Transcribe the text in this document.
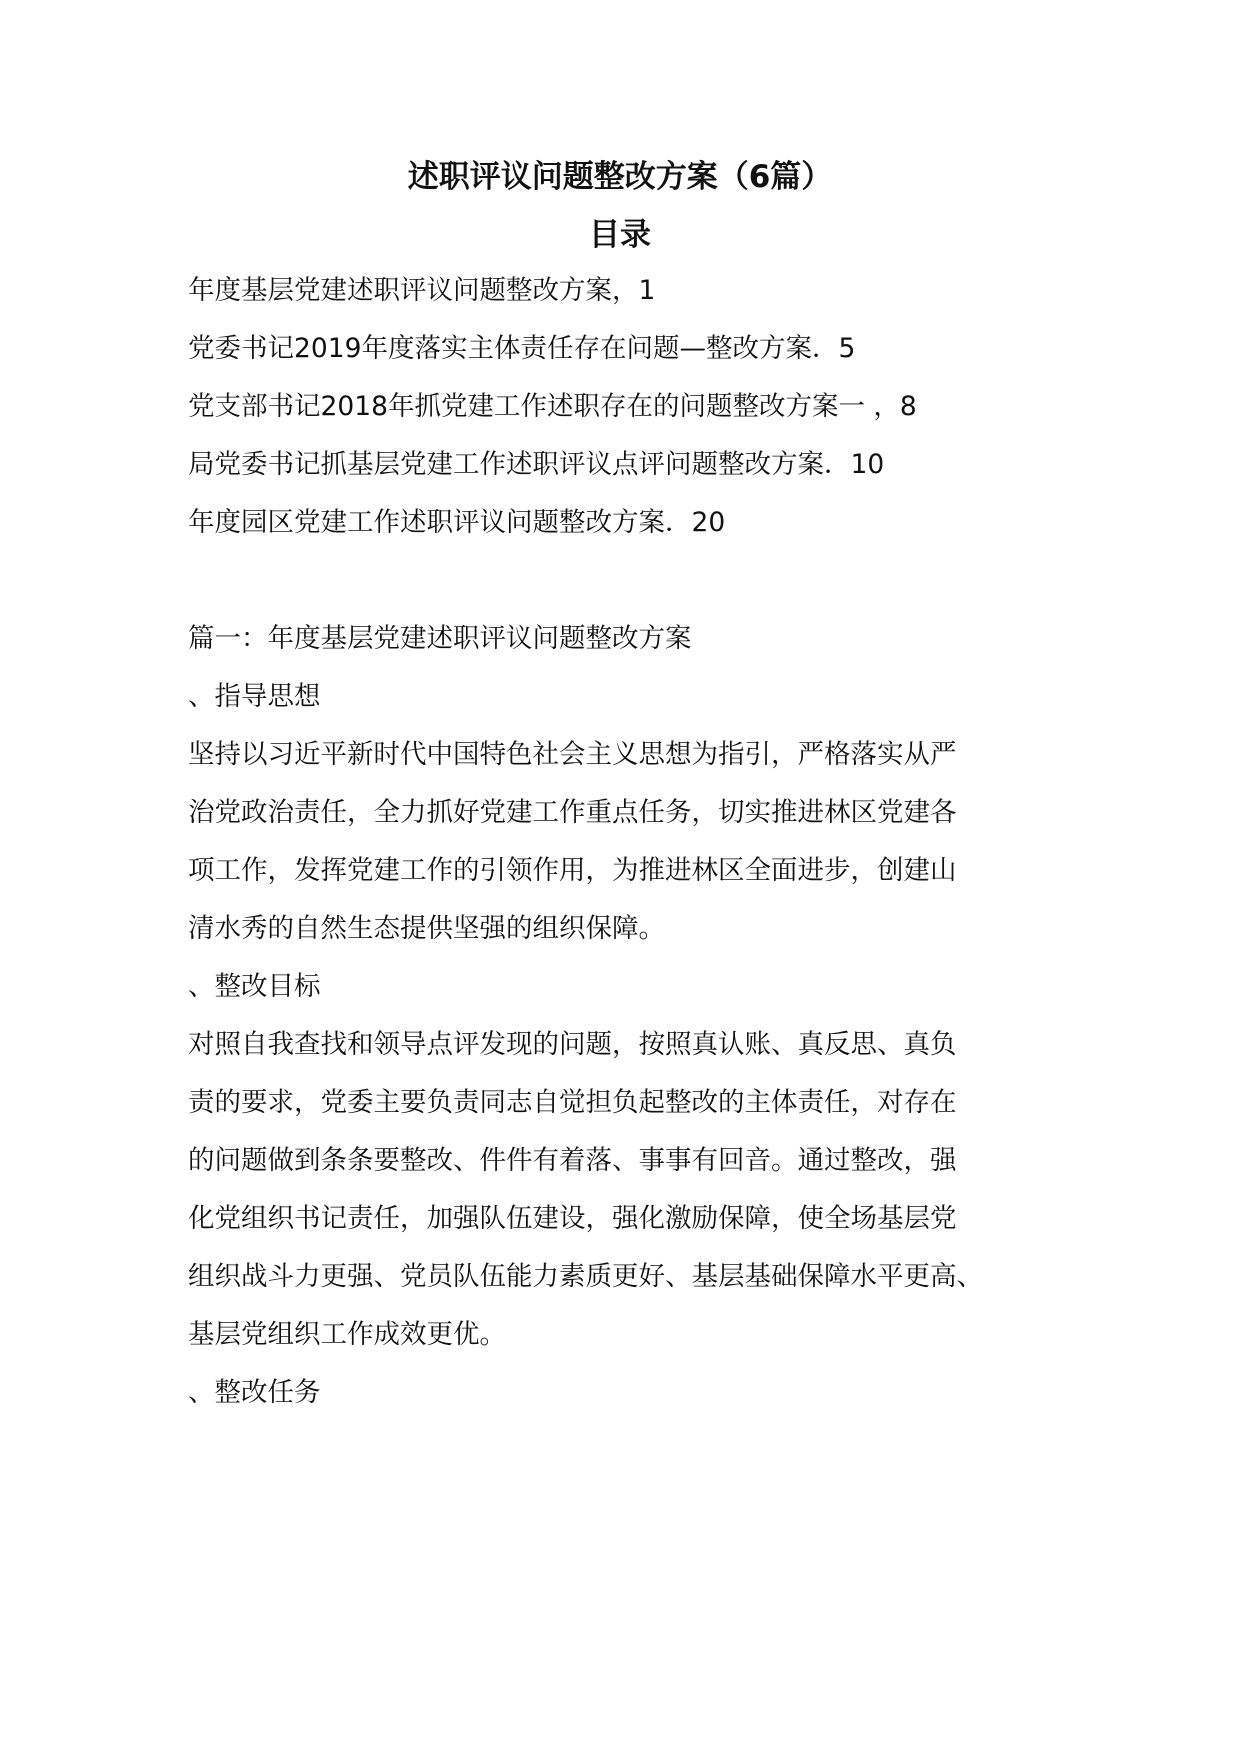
述职评议问题整改方案（6篇）
目录
年度基层党建述职评议问题整改方案，1
党委书记2019年度落实主体责任存在问题—整改方案．5
党支部书记2018年抓党建工作述职存在的问题整改方案一 ，8
局党委书记抓基层党建工作述职评议点评问题整改方案．10
年度园区党建工作述职评议问题整改方案．20
篇一：年度基层党建述职评议问题整改方案
、指导思想
坚持以习近平新时代中国特色社会主义思想为指引，严格落实从严
治党政治责任，全力抓好党建工作重点任务，切实推进林区党建各
项工作，发挥党建工作的引领作用，为推进林区全面进步，创建山
清水秀的自然生态提供坚强的组织保障。
、整改目标
对照自我查找和领导点评发现的问题，按照真认账、真反思、真负
责的要求，党委主要负责同志自觉担负起整改的主体责任，对存在
的问题做到条条要整改、件件有着落、事事有回音。通过整改，强
化党组织书记责任，加强队伍建设，强化激励保障，使全场基层党
组织战斗力更强、党员队伍能力素质更好、基层基础保障水平更高、
基层党组织工作成效更优。
、整改任务
